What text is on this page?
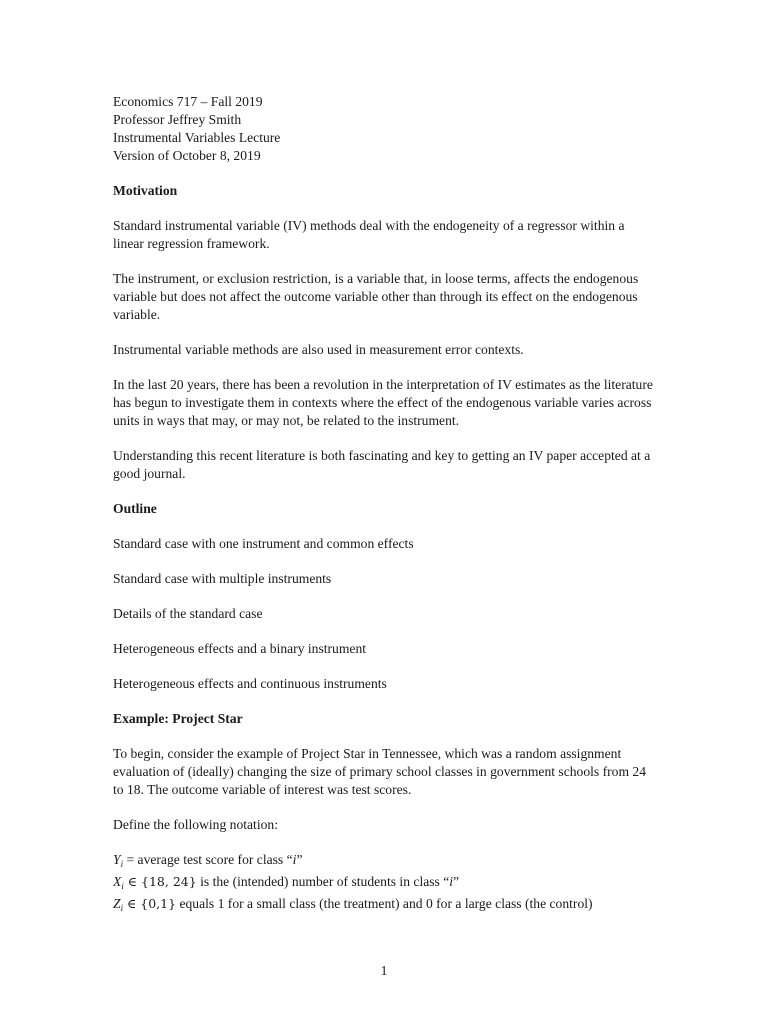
Economics 717 – Fall 2019
Professor Jeffrey Smith
Instrumental Variables Lecture
Version of October 8, 2019
Motivation

Standard instrumental variable (IV) methods deal with the endogeneity of a regressor within a linear regression framework.

The instrument, or exclusion restriction, is a variable that, in loose terms, affects the endogenous variable but does not affect the outcome variable other than through its effect on the endogenous variable.

Instrumental variable methods are also used in measurement error contexts.

In the last 20 years, there has been a revolution in the interpretation of IV estimates as the literature has begun to investigate them in contexts where the effect of the endogenous variable varies across units in ways that may, or may not, be related to the instrument.

Understanding this recent literature is both fascinating and key to getting an IV paper accepted at a good journal.

Outline

Standard case with one instrument and common effects

Standard case with multiple instruments

Details of the standard case

Heterogeneous effects and a binary instrument

Heterogeneous effects and continuous instruments

Example: Project Star

To begin, consider the example of Project Star in Tennessee, which was a random assignment evaluation of (ideally) changing the size of primary school classes in government schools from 24 to 18. The outcome variable of interest was test scores.

Define the following notation:

$Y_i$ = average test score for class “i”
$X_i$ ∈ {18, 24} is the (intended) number of students in class “i”
$Z_i$ ∈ {0,1} equals 1 for a small class (the treatment) and 0 for a large class (the control)
1
